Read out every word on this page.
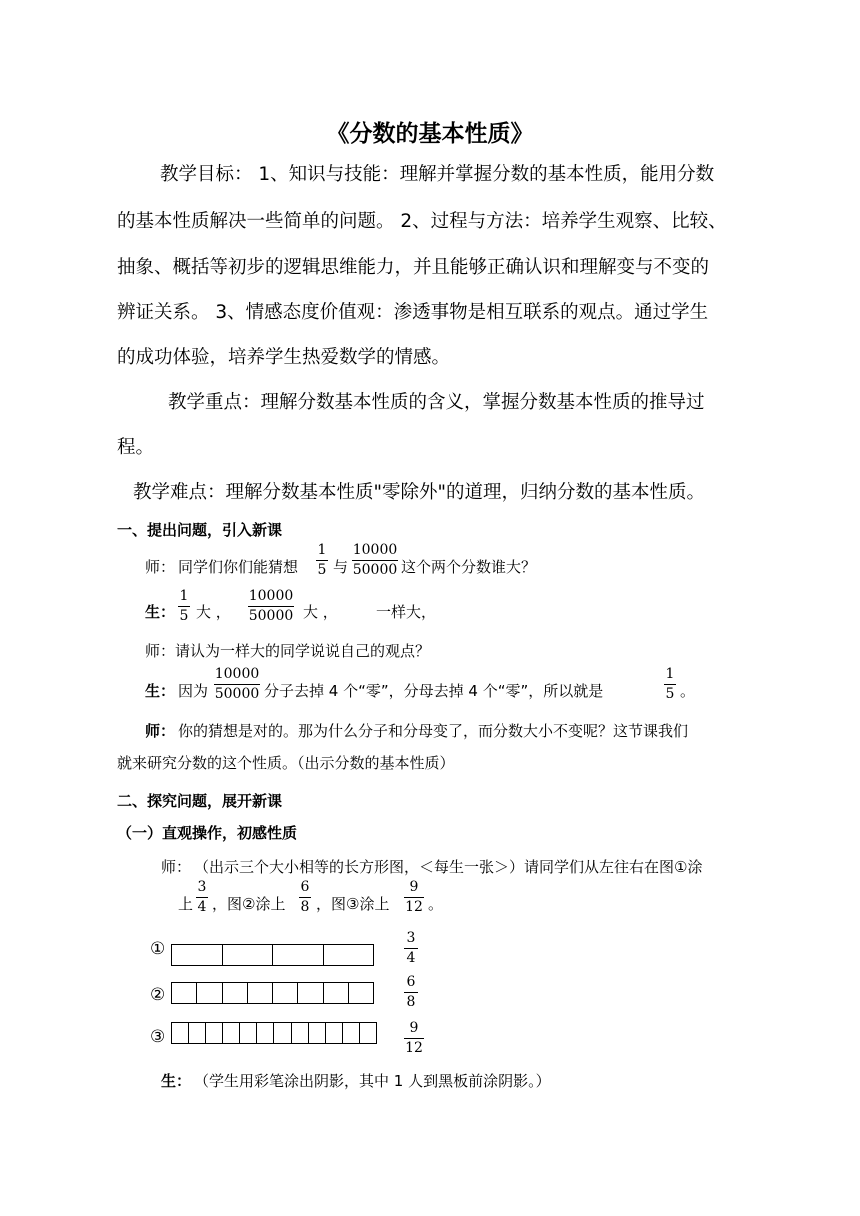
《分数的基本性质》
教学目标： 1、知识与技能：理解并掌握分数的基本性质，能用分数
的基本性质解决一些简单的问题。 2、过程与方法：培养学生观察、比较、
抽象、概括等初步的逻辑思维能力，并且能够正确认识和理解变与不变的
辨证关系。 3、情感态度价值观：渗透事物是相互联系的观点。通过学生
的成功体验，培养学生热爱数学的情感。
教学重点：理解分数基本性质的含义，掌握分数基本性质的推导过
程。
教学难点：理解分数基本性质"零除外"的道理，归纳分数的基本性质。
一、提出问题，引入新课
师： 同学们你们能猜想
1
5 与
10000
50000 这个两个分数谁大？
生：
1
5 大 ，
10000
50000 大 ，	一样大，
师：请认为一样大的同学说说自己的观点？
生： 因为
10000
50000 分子去掉 4 个“零”，分母去掉 4 个“零”，所以就是
1
5 。
师： 你的猜想是对的。那为什么分子和分母变了，而分数大小不变呢？这节课我们
就来研究分数的这个性质。（出示分数的基本性质）
二、探究问题，展开新课
（一）直观操作，初感性质
师： （出示三个大小相等的长方形图，＜每生一张＞）请同学们从左往右在图①涂
上
3
4 ，图②涂上
6
8 ，图③涂上
9
12 。
①
3
4
②
6
8
③	9
12
生： （学生用彩笔涂出阴影，其中 1 人到黑板前涂阴影。）
